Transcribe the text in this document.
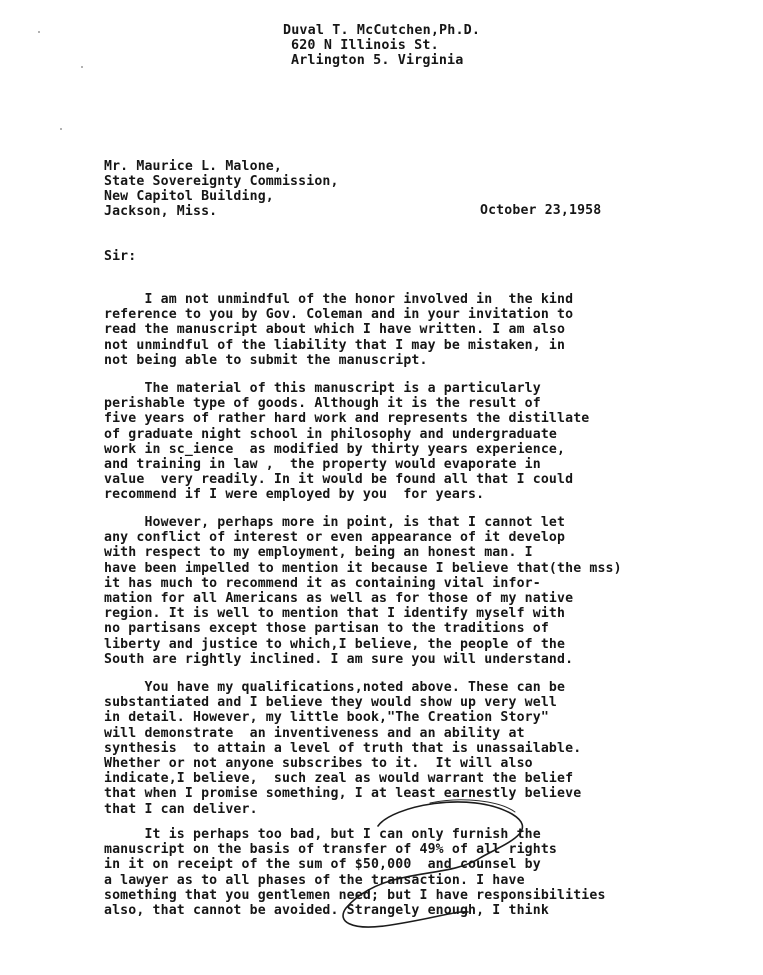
Duval T. McCutchen,Ph.D.
620 N Illinois St.
Arlington 5. Virginia
Mr. Maurice L. Malone,
State Sovereignty Commission,
New Capitol Building,
Jackson, Miss.	October 23,1958
Sir:
I am not unmindful of the honor involved in  the kind
reference to you by Gov. Coleman and in your invitation to
read the manuscript about which I have written. I am also
not unmindful of the liability that I may be mistaken, in
not being able to submit the manuscript.
The material of this manuscript is a particularly
perishable type of goods. Although it is the result of
five years of rather hard work and represents the distillate
of graduate night school in philosophy and undergraduate
work in sc_ience  as modified by thirty years experience,
and training in law ,  the property would evaporate in
value  very readily. In it would be found all that I could
recommend if I were employed by you  for years.
However, perhaps more in point, is that I cannot let
any conflict of interest or even appearance of it develop
with respect to my employment, being an honest man. I
have been impelled to mention it because I believe that(the mss)
it has much to recommend it as containing vital infor-
mation for all Americans as well as for those of my native
region. It is well to mention that I identify myself with
no partisans except those partisan to the traditions of
liberty and justice to which,I believe, the people of the
South are rightly inclined. I am sure you will understand.
You have my qualifications,noted above. These can be
substantiated and I believe they would show up very well
in detail. However, my little book,"The Creation Story"
will demonstrate  an inventiveness and an ability at
synthesis  to attain a level of truth that is unassailable.
Whether or not anyone subscribes to it.  It will also
indicate,I believe,  such zeal as would warrant the belief
that when I promise something, I at least earnestly believe
that I can deliver.
It is perhaps too bad, but I can only furnish the
manuscript on the basis of transfer of 49% of all rights
in it on receipt of the sum of $50,000  and counsel by
a lawyer as to all phases of the transaction. I have
something that you gentlemen need; but I have responsibilities
also, that cannot be avoided. Strangely enough, I think
